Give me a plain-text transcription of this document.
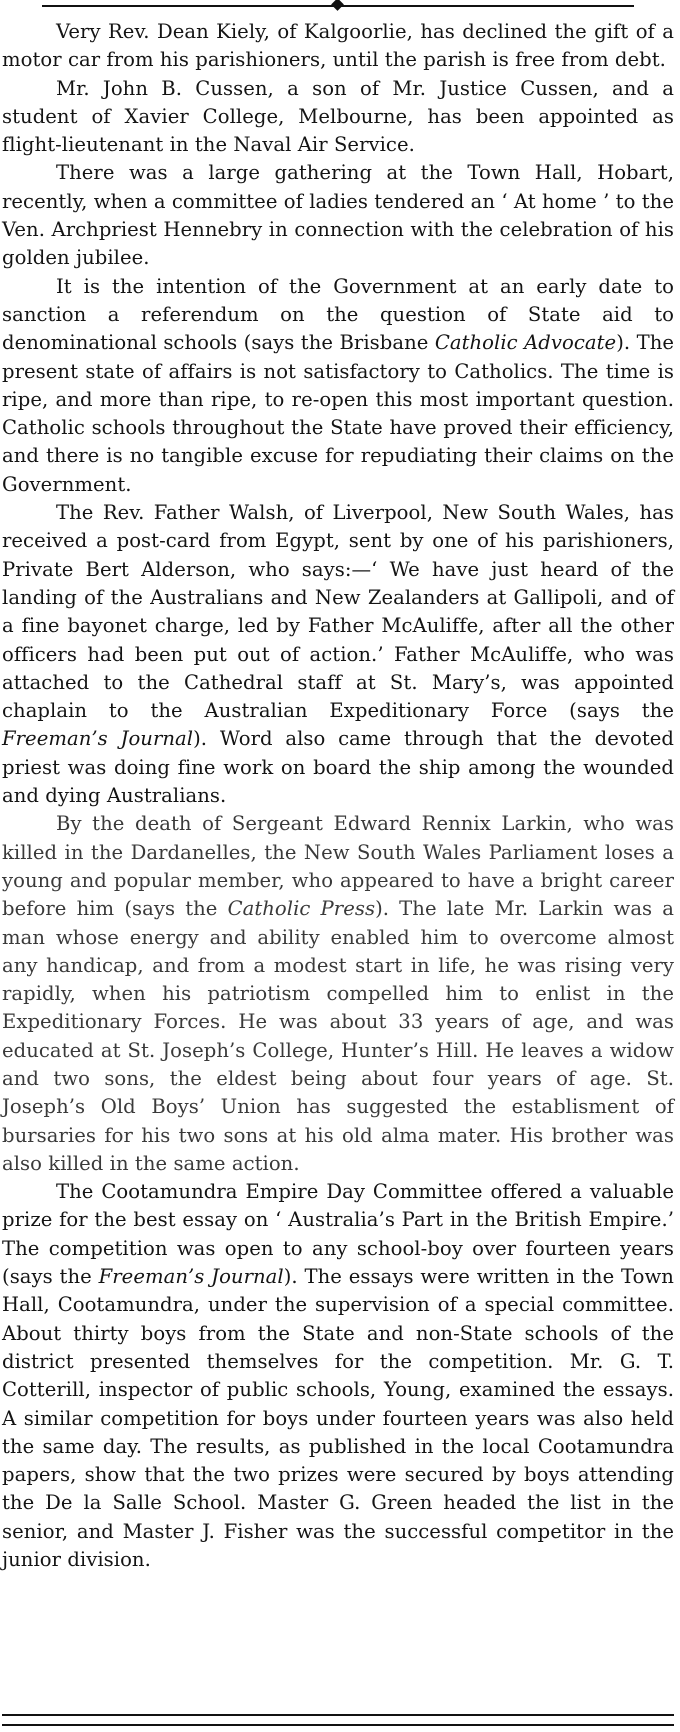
Very Rev. Dean Kiely, of Kalgoorlie, has declined the gift of a motor car from his parishioners, until the parish is free from debt.

Mr. John B. Cussen, a son of Mr. Justice Cussen, and a student of Xavier College, Melbourne, has been appointed as flight-lieutenant in the Naval Air Service.

There was a large gathering at the Town Hall, Hobart, recently, when a committee of ladies tendered an ‘ At home ’ to the Ven. Archpriest Hennebry in connection with the celebration of his golden jubilee.

It is the intention of the Government at an early date to sanction a referendum on the question of State aid to denominational schools (says the Brisbane Catholic Advocate). The present state of affairs is not satisfactory to Catholics. The time is ripe, and more than ripe, to re-open this most important question. Catholic schools throughout the State have proved their efficiency, and there is no tangible excuse for repudiating their claims on the Government.

The Rev. Father Walsh, of Liverpool, New South Wales, has received a post-card from Egypt, sent by one of his parishioners, Private Bert Alderson, who says:—‘ We have just heard of the landing of the Australians and New Zealanders at Gallipoli, and of a fine bayonet charge, led by Father McAuliffe, after all the other officers had been put out of action.’ Father McAuliffe, who was attached to the Cathedral staff at St. Mary’s, was appointed chaplain to the Australian Expeditionary Force (says the Freeman’s Journal). Word also came through that the devoted priest was doing fine work on board the ship among the wounded and dying Australians.

By the death of Sergeant Edward Rennix Larkin, who was killed in the Dardanelles, the New South Wales Parliament loses a young and popular member, who appeared to have a bright career before him (says the Catholic Press). The late Mr. Larkin was a man whose energy and ability enabled him to overcome almost any handicap, and from a modest start in life, he was rising very rapidly, when his patriotism compelled him to enlist in the Expeditionary Forces. He was about 33 years of age, and was educated at St. Joseph’s College, Hunter’s Hill. He leaves a widow and two sons, the eldest being about four years of age. St. Joseph’s Old Boys’ Union has suggested the establisment of bursaries for his two sons at his old alma mater. His brother was also killed in the same action.

The Cootamundra Empire Day Committee offered a valuable prize for the best essay on ‘ Australia’s Part in the British Empire.’ The competition was open to any school-boy over fourteen years (says the Freeman’s Journal). The essays were written in the Town Hall, Cootamundra, under the supervision of a special committee. About thirty boys from the State and non-State schools of the district presented themselves for the competition. Mr. G. T. Cotterill, inspector of public schools, Young, examined the essays. A similar competition for boys under fourteen years was also held the same day. The results, as published in the local Cootamundra papers, show that the two prizes were secured by boys attending the De la Salle School. Master G. Green headed the list in the senior, and Master J. Fisher was the successful competitor in the junior division.
